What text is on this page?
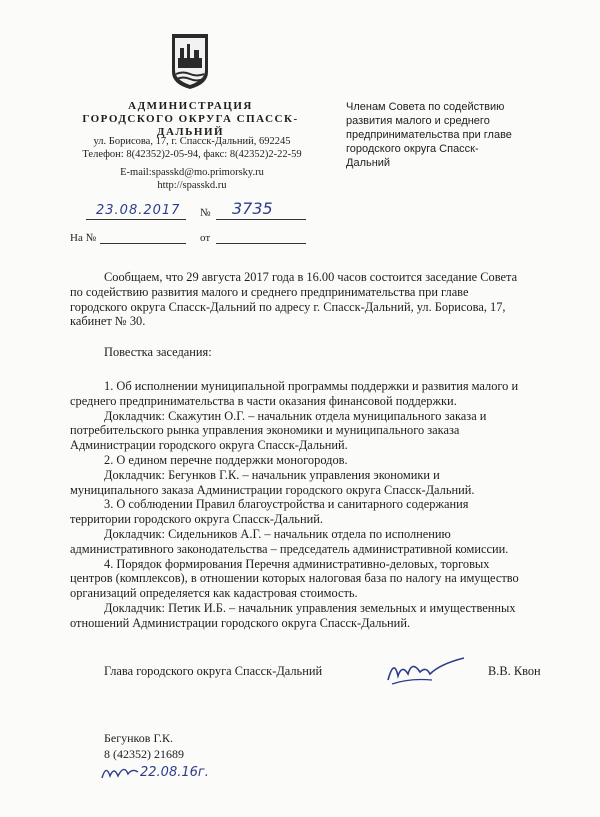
АДМИНИСТРАЦИЯ
ГОРОДСКОГО ОКРУГА СПАССК-ДАЛЬНИЙ
ул. Борисова, 17, г. Спасск-Дальний, 692245
Телефон: 8(42352)2-05-94, факс: 8(42352)2-22-59
E-mail:spasskd@mo.primorsky.ru
http://spasskd.ru
Членам Совета по содействию
развития малого и среднего
предпринимательства при главе
городского округа Спасск-
Дальний
23.08.2017 № 3735
На №	от

Сообщаем, что 29 августа 2017 года в 16.00 часов состоится заседание Совета

по содействию развития малого и среднего предпринимательства при главе

городского округа Спасск-Дальний по адресу г. Спасск-Дальний, ул. Борисова, 17,

кабинет № 30.

Повестка заседания:

1. Об исполнении муниципальной программы поддержки и развития малого и

среднего предпринимательства в части оказания финансовой поддержки.

Докладчик: Скажутин О.Г. – начальник отдела муниципального заказа и

потребительского рынка управления экономики и муниципального заказа

Администрации городского округа Спасск-Дальний.

2. О едином перечне поддержки моногородов.

Докладчик: Бегунков Г.К. – начальник управления экономики и

муниципального заказа Администрации городского округа Спасск-Дальний.

3. О соблюдении Правил благоустройства и санитарного содержания

территории городского округа Спасск-Дальний.

Докладчик: Сидельников А.Г. – начальник отдела по исполнению

административного законодательства – председатель административной комиссии.

4. Порядок формирования Перечня административно-деловых, торговых

центров (комплексов), в отношении которых налоговая база по налогу на имущество

организаций определяется как кадастровая стоимость.

Докладчик: Петик И.Б. – начальник управления земельных и имущественных

отношений Администрации городского округа Спасск-Дальний.

Глава городского округа Спасск-Дальний	В.В. Квон
Бегунков Г.К.
8 (42352) 21689
22.08.16г.
